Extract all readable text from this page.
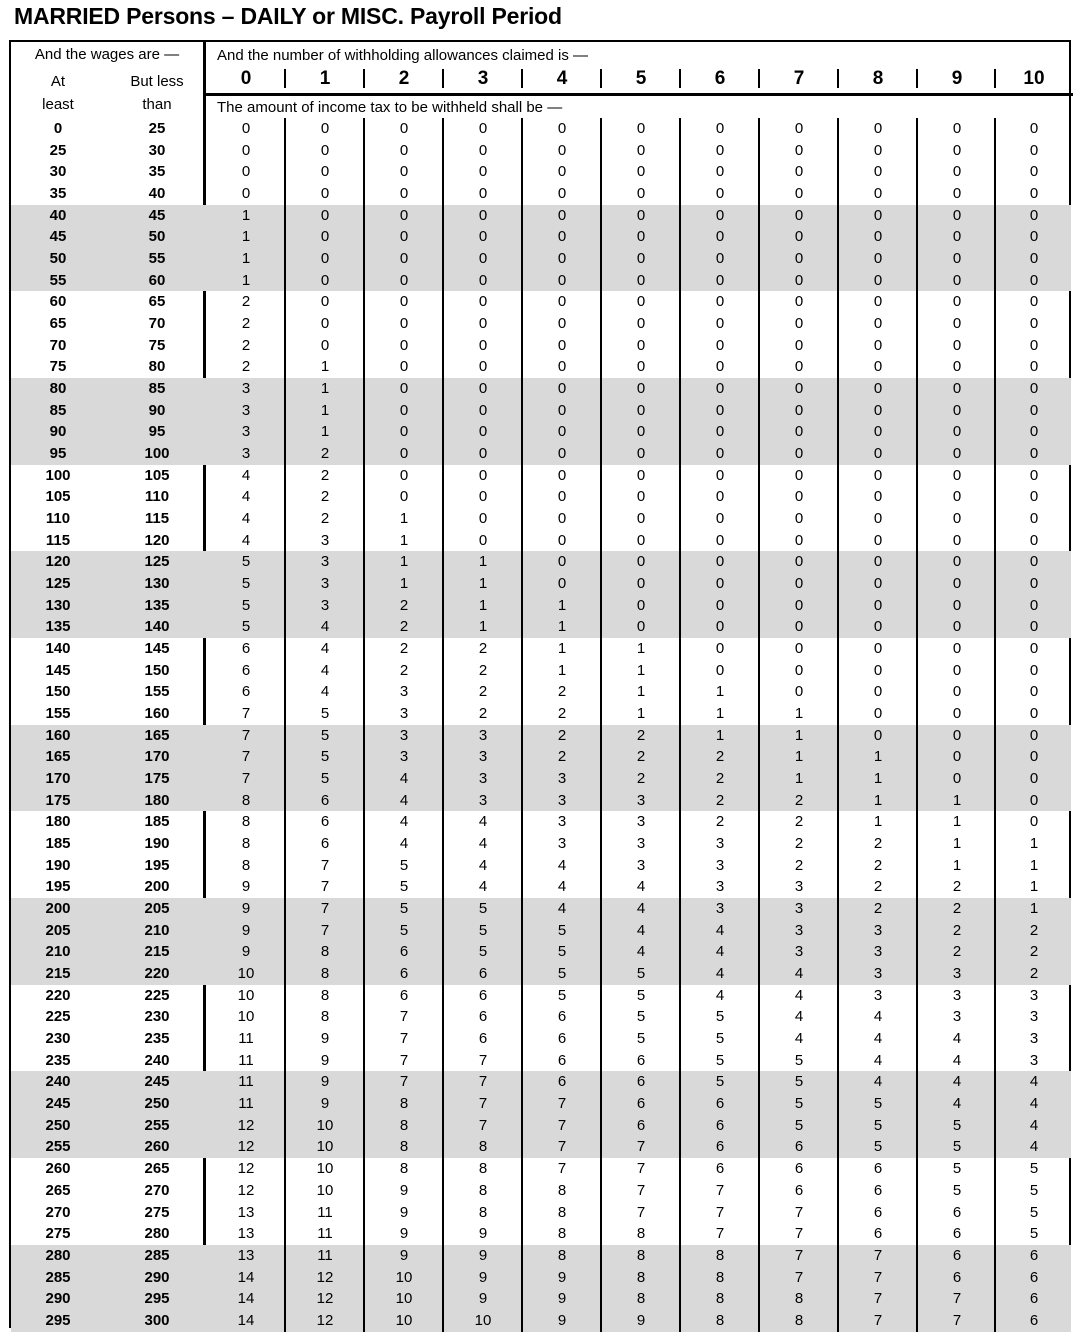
MARRIED Persons – DAILY or MISC. Payroll Period
And the wages are —
At
least
But less
than
And the number of withholding allowances claimed is —
The amount of income tax to be withheld shall be —
0	1	2	3	4	5	6	7	8	9	10
0	25	0	0	0	0	0	0	0	0	0	0	0
25	30	0	0	0	0	0	0	0	0	0	0	0
30	35	0	0	0	0	0	0	0	0	0	0	0
35	40	0	0	0	0	0	0	0	0	0	0	0
40	45	1	0	0	0	0	0	0	0	0	0	0
45	50	1	0	0	0	0	0	0	0	0	0	0
50	55	1	0	0	0	0	0	0	0	0	0	0
55	60	1	0	0	0	0	0	0	0	0	0	0
60	65	2	0	0	0	0	0	0	0	0	0	0
65	70	2	0	0	0	0	0	0	0	0	0	0
70	75	2	0	0	0	0	0	0	0	0	0	0
75	80	2	1	0	0	0	0	0	0	0	0	0
80	85	3	1	0	0	0	0	0	0	0	0	0
85	90	3	1	0	0	0	0	0	0	0	0	0
90	95	3	1	0	0	0	0	0	0	0	0	0
95	100	3	2	0	0	0	0	0	0	0	0	0
100	105	4	2	0	0	0	0	0	0	0	0	0
105	110	4	2	0	0	0	0	0	0	0	0	0
110	115	4	2	1	0	0	0	0	0	0	0	0
115	120	4	3	1	0	0	0	0	0	0	0	0
120	125	5	3	1	1	0	0	0	0	0	0	0
125	130	5	3	1	1	0	0	0	0	0	0	0
130	135	5	3	2	1	1	0	0	0	0	0	0
135	140	5	4	2	1	1	0	0	0	0	0	0
140	145	6	4	2	2	1	1	0	0	0	0	0
145	150	6	4	2	2	1	1	0	0	0	0	0
150	155	6	4	3	2	2	1	1	0	0	0	0
155	160	7	5	3	2	2	1	1	1	0	0	0
160	165	7	5	3	3	2	2	1	1	0	0	0
165	170	7	5	3	3	2	2	2	1	1	0	0
170	175	7	5	4	3	3	2	2	1	1	0	0
175	180	8	6	4	3	3	3	2	2	1	1	0
180	185	8	6	4	4	3	3	2	2	1	1	0
185	190	8	6	4	4	3	3	3	2	2	1	1
190	195	8	7	5	4	4	3	3	2	2	1	1
195	200	9	7	5	4	4	4	3	3	2	2	1
200	205	9	7	5	5	4	4	3	3	2	2	1
205	210	9	7	5	5	5	4	4	3	3	2	2
210	215	9	8	6	5	5	4	4	3	3	2	2
215	220	10	8	6	6	5	5	4	4	3	3	2
220	225	10	8	6	6	5	5	4	4	3	3	3
225	230	10	8	7	6	6	5	5	4	4	3	3
230	235	11	9	7	6	6	5	5	4	4	4	3
235	240	11	9	7	7	6	6	5	5	4	4	3
240	245	11	9	7	7	6	6	5	5	4	4	4
245	250	11	9	8	7	7	6	6	5	5	4	4
250	255	12	10	8	7	7	6	6	5	5	5	4
255	260	12	10	8	8	7	7	6	6	5	5	4
260	265	12	10	8	8	7	7	6	6	6	5	5
265	270	12	10	9	8	8	7	7	6	6	5	5
270	275	13	11	9	8	8	7	7	7	6	6	5
275	280	13	11	9	9	8	8	7	7	6	6	5
280	285	13	11	9	9	8	8	8	7	7	6	6
285	290	14	12	10	9	9	8	8	7	7	6	6
290	295	14	12	10	9	9	8	8	8	7	7	6
295	300	14	12	10	10	9	9	8	8	7	7	6
